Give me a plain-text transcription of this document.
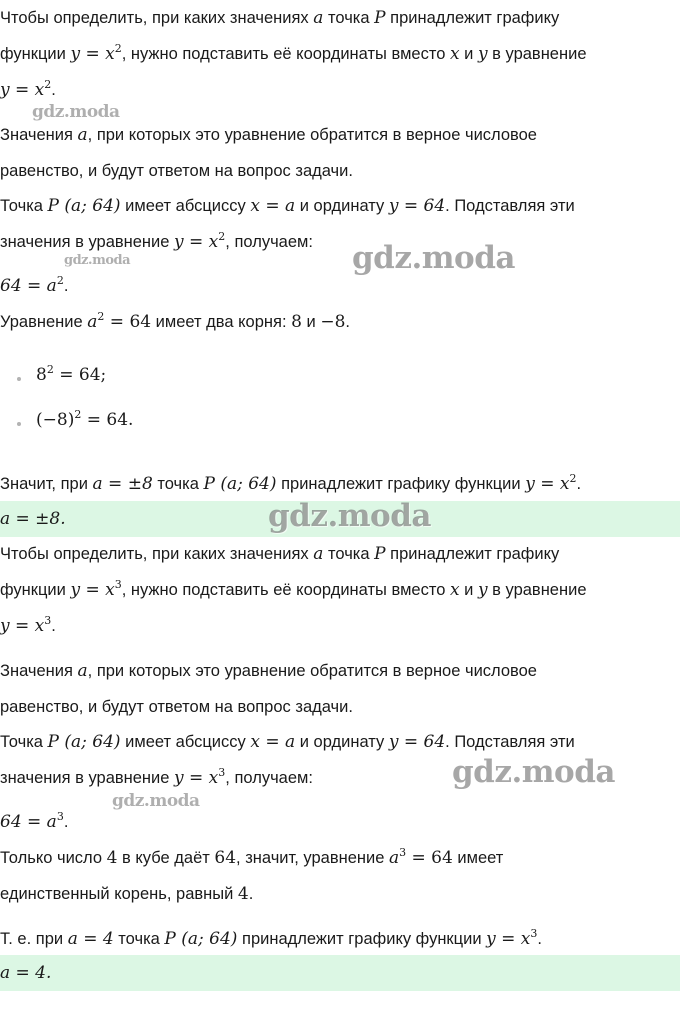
Чтобы определить, при каких значениях a точка P принадлежит графику
функции $y = x^2$, нужно подставить её координаты вместо x и y в уравнение
$y = x^2$.
Значения a, при которых это уравнение обратится в верное числовое
равенство, и будут ответом на вопрос задачи.
Точка P (a; 64) имеет абсциссу x = a и ординату y = 64. Подставляя эти
значения в уравнение $y = x^2$, получаем:
$64 = a^2$.
Уравнение $a^2 = 64$ имеет два корня: 8 и −8.
$8^2 = 64$;
$(-8)^2 = 64$.
Значит, при a = ±8 точка P (a; 64) принадлежит графику функции $y = x^2$.
a = ±8.
Чтобы определить, при каких значениях a точка P принадлежит графику
функции $y = x^3$, нужно подставить её координаты вместо x и y в уравнение
$y = x^3$.
Значения a, при которых это уравнение обратится в верное числовое
равенство, и будут ответом на вопрос задачи.
Точка P (a; 64) имеет абсциссу x = a и ординату y = 64. Подставляя эти
значения в уравнение $y = x^3$, получаем:
$64 = a^3$.
Только число 4 в кубе даёт 64, значит, уравнение $a^3 = 64$ имеет
единственный корень, равный 4.
Т. е. при a = 4 точка P (a; 64) принадлежит графику функции $y = x^3$.
a = 4.
gdz.moda
gdz.moda	gdz.moda
gdz.moda
gdz.moda
gdz.moda
